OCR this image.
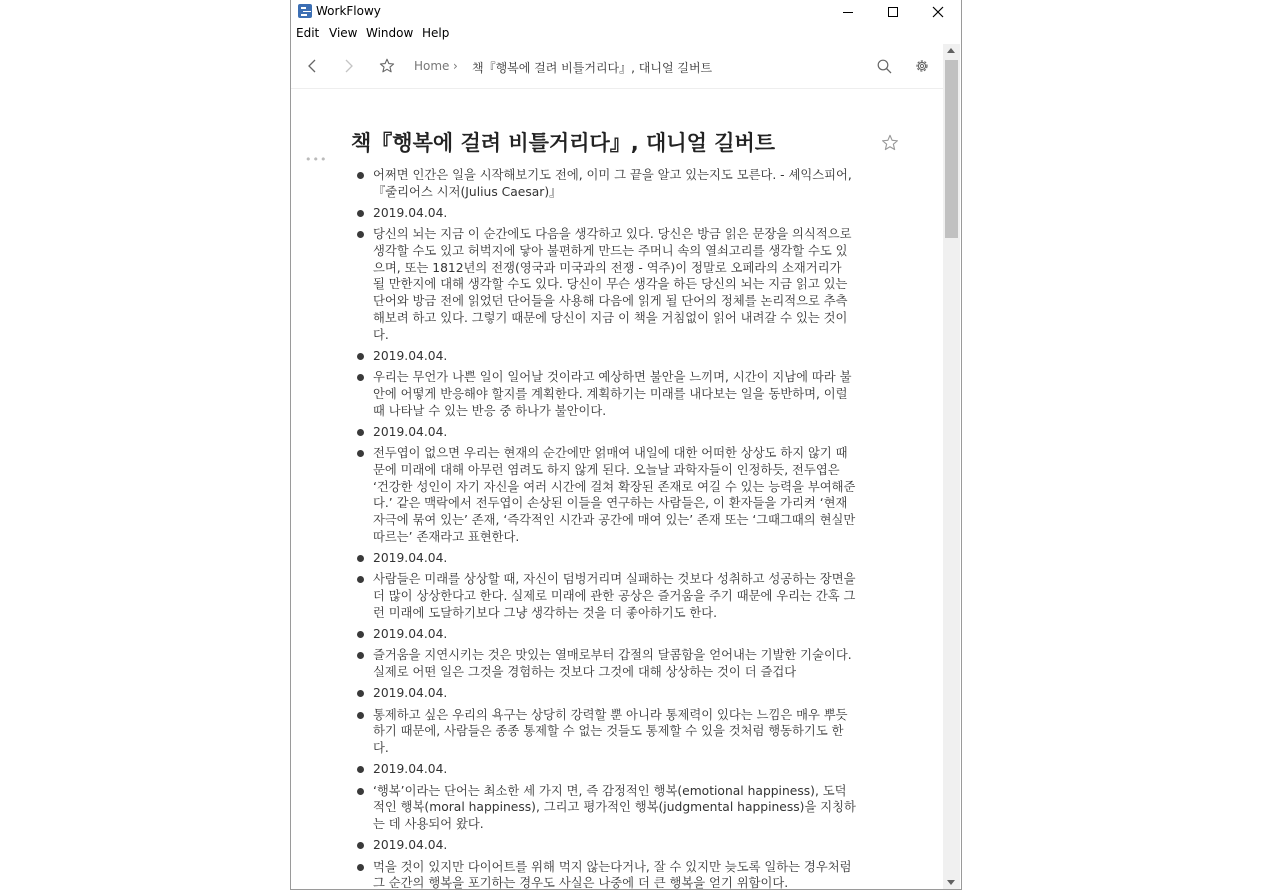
WorkFlowy
Edit View Window Help
Home › 책『행복에 걸려 비틀거리다』, 대니얼 길버트
책『행복에 걸려 비틀거리다』, 대니얼 길버트
•••
어쩌면 인간은 일을 시작해보기도 전에, 이미 그 끝을 알고 있는지도 모른다. - 셰익스피어,『줄리어스 시저(Julius Caesar)』
2019.04.04.
당신의 뇌는 지금 이 순간에도 다음을 생각하고 있다. 당신은 방금 읽은 문장을 의식적으로 생각할 수도 있고 허벅지에 닿아 불편하게 만드는 주머니 속의 열쇠고리를 생각할 수도 있으며, 또는 1812년의 전쟁(영국과 미국과의 전쟁 - 역주)이 정말로 오페라의 소재거리가 될 만한지에 대해 생각할 수도 있다. 당신이 무슨 생각을 하든 당신의 뇌는 지금 읽고 있는 단어와 방금 전에 읽었던 단어들을 사용해 다음에 읽게 될 단어의 정체를 논리적으로 추측해보려 하고 있다. 그렇기 때문에 당신이 지금 이 책을 거침없이 읽어 내려갈 수 있는 것이다.
2019.04.04.
우리는 무언가 나쁜 일이 일어날 것이라고 예상하면 불안을 느끼며, 시간이 지남에 따라 불안에 어떻게 반응해야 할지를 계획한다. 계획하기는 미래를 내다보는 일을 동반하며, 이럴 때 나타날 수 있는 반응 중 하나가 불안이다.
2019.04.04.
전두엽이 없으면 우리는 현재의 순간에만 얽매여 내일에 대한 어떠한 상상도 하지 않기 때문에 미래에 대해 아무런 염려도 하지 않게 된다. 오늘날 과학자들이 인정하듯, 전두엽은 ‘건강한 성인이 자기 자신을 여러 시간에 걸쳐 확장된 존재로 여길 수 있는 능력을 부여해준다.’ 같은 맥락에서 전두엽이 손상된 이들을 연구하는 사람들은, 이 환자들을 가리켜 ‘현재 자극에 묶여 있는’ 존재, ‘즉각적인 시간과 공간에 매여 있는’ 존재 또는 ‘그때그때의 현실만 따르는’ 존재라고 표현한다.
2019.04.04.
사람들은 미래를 상상할 때, 자신이 덤벙거리며 실패하는 것보다 성취하고 성공하는 장면을 더 많이 상상한다고 한다. 실제로 미래에 관한 공상은 즐거움을 주기 때문에 우리는 간혹 그런 미래에 도달하기보다 그냥 생각하는 것을 더 좋아하기도 한다.
2019.04.04.
즐거움을 지연시키는 것은 맛있는 열매로부터 갑절의 달콤함을 얻어내는 기발한 기술이다. 실제로 어떤 일은 그것을 경험하는 것보다 그것에 대해 상상하는 것이 더 즐겁다
2019.04.04.
통제하고 싶은 우리의 욕구는 상당히 강력할 뿐 아니라 통제력이 있다는 느낌은 매우 뿌듯하기 때문에, 사람들은 종종 통제할 수 없는 것들도 통제할 수 있을 것처럼 행동하기도 한다.
2019.04.04.
‘행복’이라는 단어는 최소한 세 가지 면, 즉 감정적인 행복(emotional happiness), 도덕적인 행복(moral happiness), 그리고 평가적인 행복(judgmental happiness)을 지칭하는 데 사용되어 왔다.
2019.04.04.
먹을 것이 있지만 다이어트를 위해 먹지 않는다거나, 잘 수 있지만 늦도록 일하는 경우처럼 그 순간의 행복을 포기하는 경우도 사실은 나중에 더 큰 행복을 얻기 위함이다.
